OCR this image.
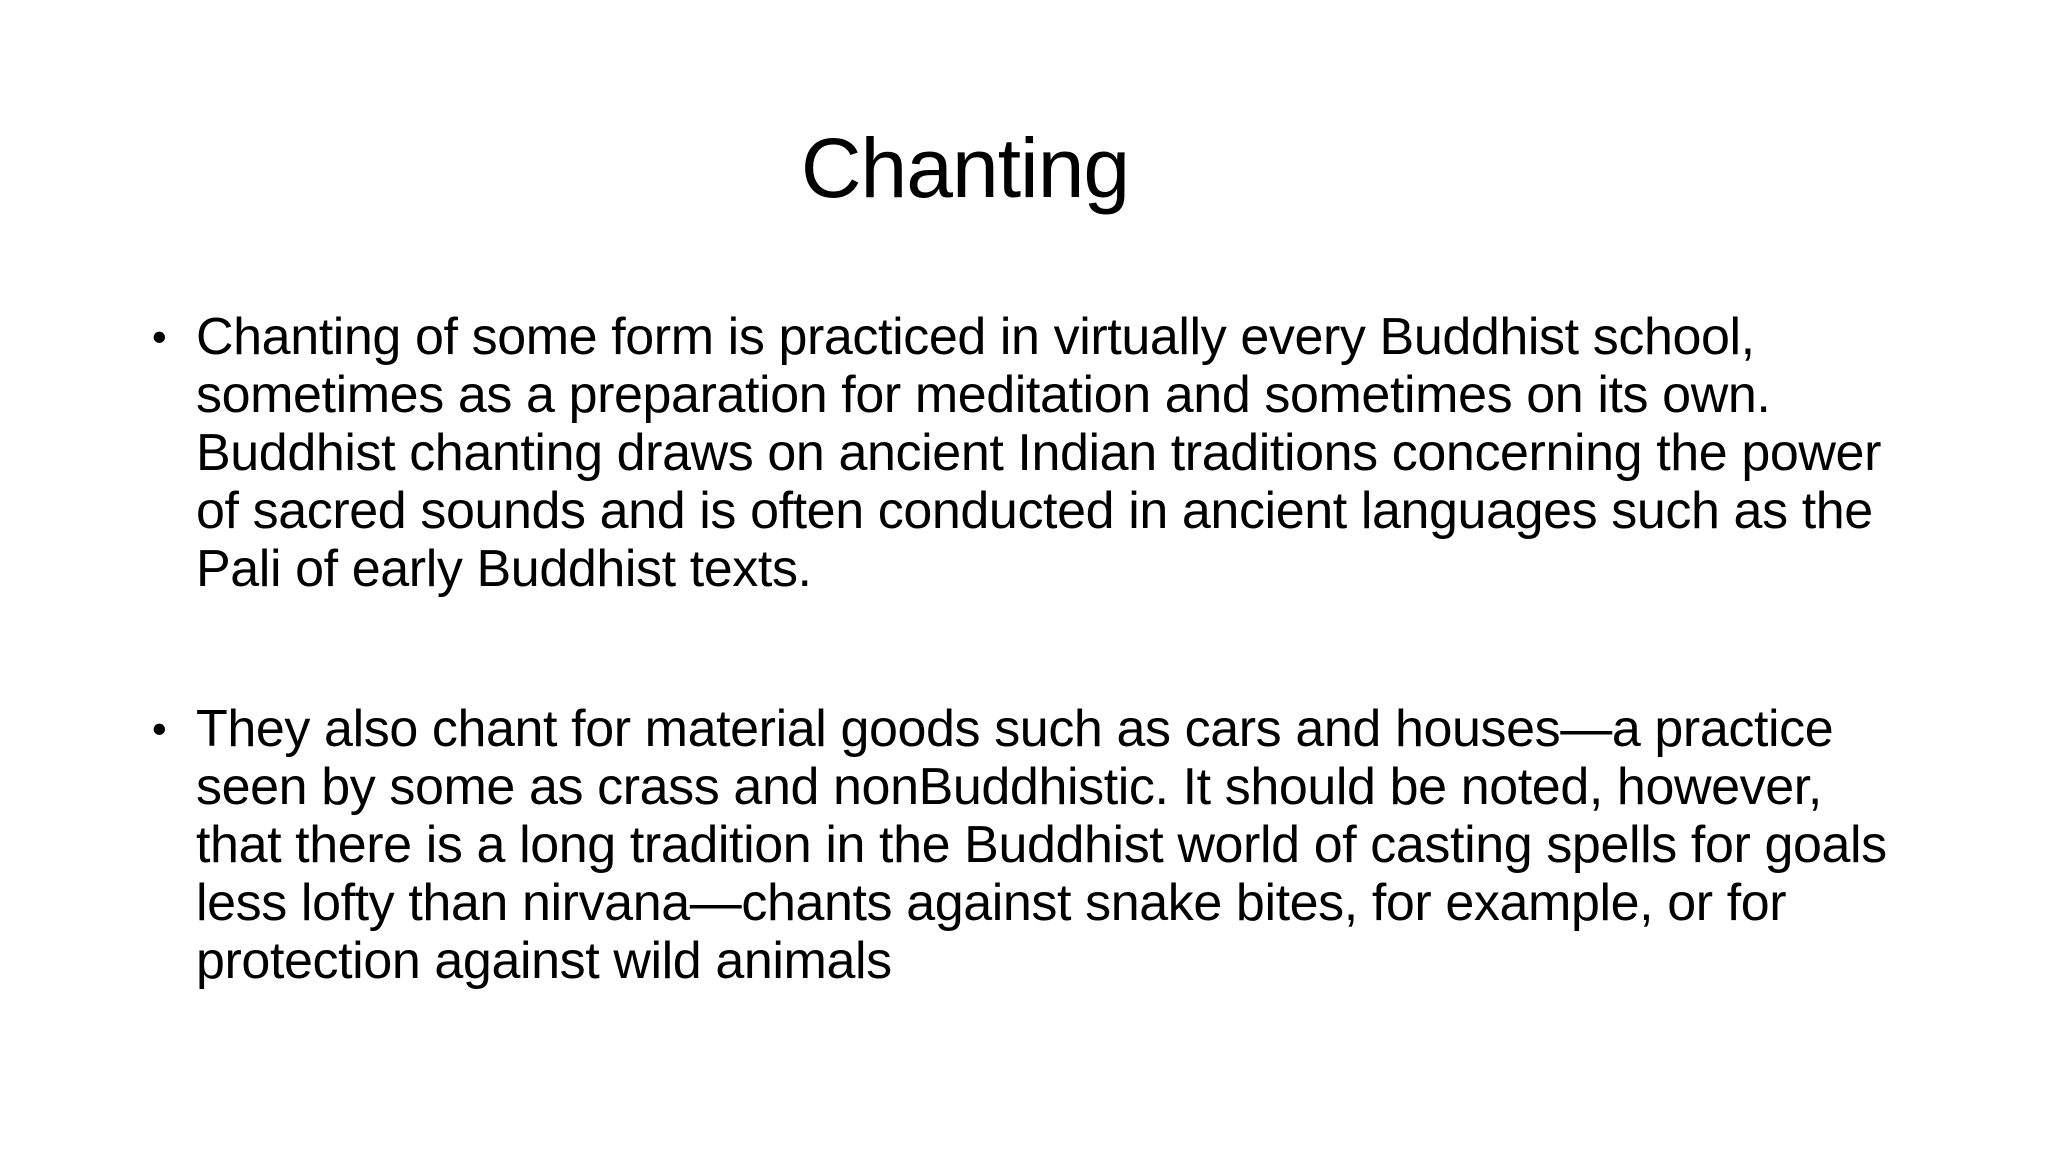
Chanting
• Chanting of some form is practiced in virtually every Buddhist school, sometimes as a preparation for meditation and sometimes on its own. Buddhist chanting draws on ancient Indian traditions concerning the power of sacred sounds and is often conducted in ancient languages such as the Pali of early Buddhist texts.
• They also chant for material goods such as cars and houses—a practice seen by some as crass and nonBuddhistic. It should be noted, however, that there is a long tradition in the Buddhist world of casting spells for goals less lofty than nirvana—chants against snake bites, for example, or for protection against wild animals
